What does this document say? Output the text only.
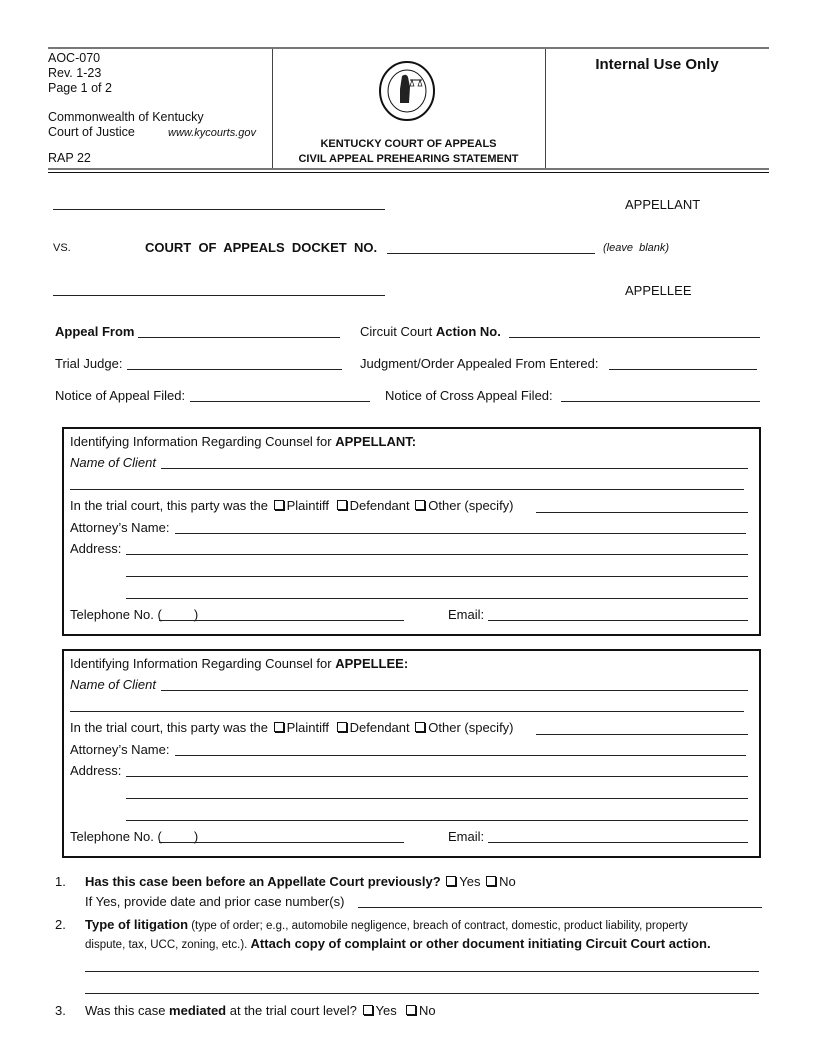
AOC-070
Rev. 1-23
Page 1 of 2
Commonwealth of Kentucky
Court of Justice	www.kycourts.gov
RAP 22
KENTUCKY COURT OF APPEALS
CIVIL APPEAL PREHEARING STATEMENT
Internal Use Only
APPELLANT
VS.	COURT  OF  APPEALS  DOCKET  NO.	(leave  blank)
APPELLEE
Appeal From	Circuit Court Action No.
Trial Judge:	Judgment/Order Appealed From Entered:
Notice of Appeal Filed:	Notice of Cross Appeal Filed:
Identifying Information Regarding Counsel for APPELLANT:
Name of Client
In the trial court, this party was the Plaintiff Defendant Other (specify)
Attorney’s Name:
Address:
Telephone No. ( )	Email:
Identifying Information Regarding Counsel for APPELLEE:
Name of Client
In the trial court, this party was the Plaintiff Defendant Other (specify)
Attorney’s Name:
Address:
Telephone No. ( )	Email:
1. Has this case been before an Appellate Court previously? Yes No
If Yes, provide date and prior case number(s)
2. Type of litigation (type of order; e.g., automobile negligence, breach of contract, domestic, product liability, property
dispute, tax, UCC, zoning, etc.). Attach copy of complaint or other document initiating Circuit Court action.
3. Was this case mediated at the trial court level? Yes No
